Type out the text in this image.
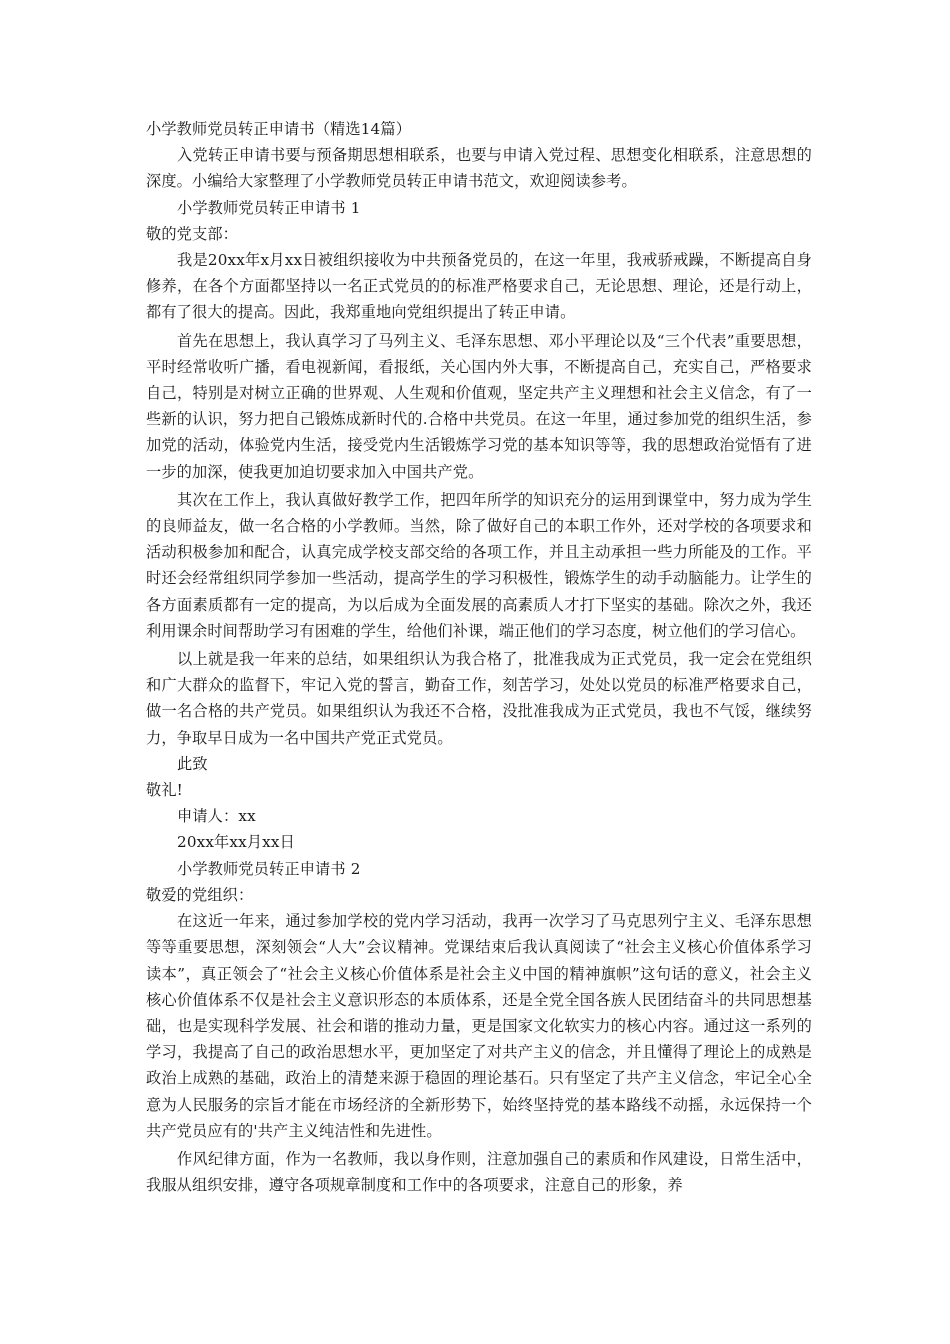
小学教师党员转正申请书（精选14篇）

入党转正申请书要与预备期思想相联系，也要与申请入党过程、思想变化相联系，注意思想的深度。小编给大家整理了小学教师党员转正申请书范文，欢迎阅读参考。

小学教师党员转正申请书 1

敬的党支部：

我是20xx年x月xx日被组织接收为中共预备党员的，在这一年里，我戒骄戒躁，不断提高自身修养，在各个方面都坚持以一名正式党员的的标准严格要求自己，无论思想、理论，还是行动上，都有了很大的提高。因此，我郑重地向党组织提出了转正申请。

首先在思想上，我认真学习了马列主义、毛泽东思想、邓小平理论以及“三个代表”重要思想，平时经常收听广播，看电视新闻，看报纸，关心国内外大事，不断提高自己，充实自己，严格要求自己，特别是对树立正确的世界观、人生观和价值观，坚定共产主义理想和社会主义信念，有了一些新的认识，努力把自己锻炼成新时代的.合格中共党员。在这一年里，通过参加党的组织生活，参加党的活动，体验党内生活，接受党内生活锻炼学习党的基本知识等等，我的思想政治觉悟有了进一步的加深，使我更加迫切要求加入中国共产党。

其次在工作上，我认真做好教学工作，把四年所学的知识充分的运用到课堂中，努力成为学生的良师益友，做一名合格的小学教师。当然，除了做好自己的本职工作外，还对学校的各项要求和活动积极参加和配合，认真完成学校支部交给的各项工作，并且主动承担一些力所能及的工作。平时还会经常组织同学参加一些活动，提高学生的学习积极性，锻炼学生的动手动脑能力。让学生的各方面素质都有一定的提高，为以后成为全面发展的高素质人才打下坚实的基础。除次之外，我还利用课余时间帮助学习有困难的学生，给他们补课，端正他们的学习态度，树立他们的学习信心。

以上就是我一年来的总结，如果组织认为我合格了，批准我成为正式党员，我一定会在党组织和广大群众的监督下，牢记入党的誓言，勤奋工作，刻苦学习，处处以党员的标准严格要求自己，做一名合格的共产党员。如果组织认为我还不合格，没批准我成为正式党员，我也不气馁，继续努力，争取早日成为一名中国共产党正式党员。

此致

敬礼!

申请人：xx

20xx年xx月xx日

小学教师党员转正申请书 2

敬爱的党组织：

在这近一年来，通过参加学校的党内学习活动，我再一次学习了马克思列宁主义、毛泽东思想等等重要思想，深刻领会“人大”会议精神。党课结束后我认真阅读了“社会主义核心价值体系学习读本”，真正领会了“社会主义核心价值体系是社会主义中国的精神旗帜”这句话的意义，社会主义核心价值体系不仅是社会主义意识形态的本质体系，还是全党全国各族人民团结奋斗的共同思想基础，也是实现科学发展、社会和谐的推动力量，更是国家文化软实力的核心内容。通过这一系列的学习，我提高了自己的政治思想水平，更加坚定了对共产主义的信念，并且懂得了理论上的成熟是政治上成熟的基础，政治上的清楚来源于稳固的理论基石。只有坚定了共产主义信念，牢记全心全意为人民服务的宗旨才能在市场经济的全新形势下，始终坚持党的基本路线不动摇，永远保持一个共产党员应有的'共产主义纯洁性和先进性。

作风纪律方面，作为一名教师，我以身作则，注意加强自己的素质和作风建设，日常生活中，我服从组织安排，遵守各项规章制度和工作中的各项要求，注意自己的形象，养
